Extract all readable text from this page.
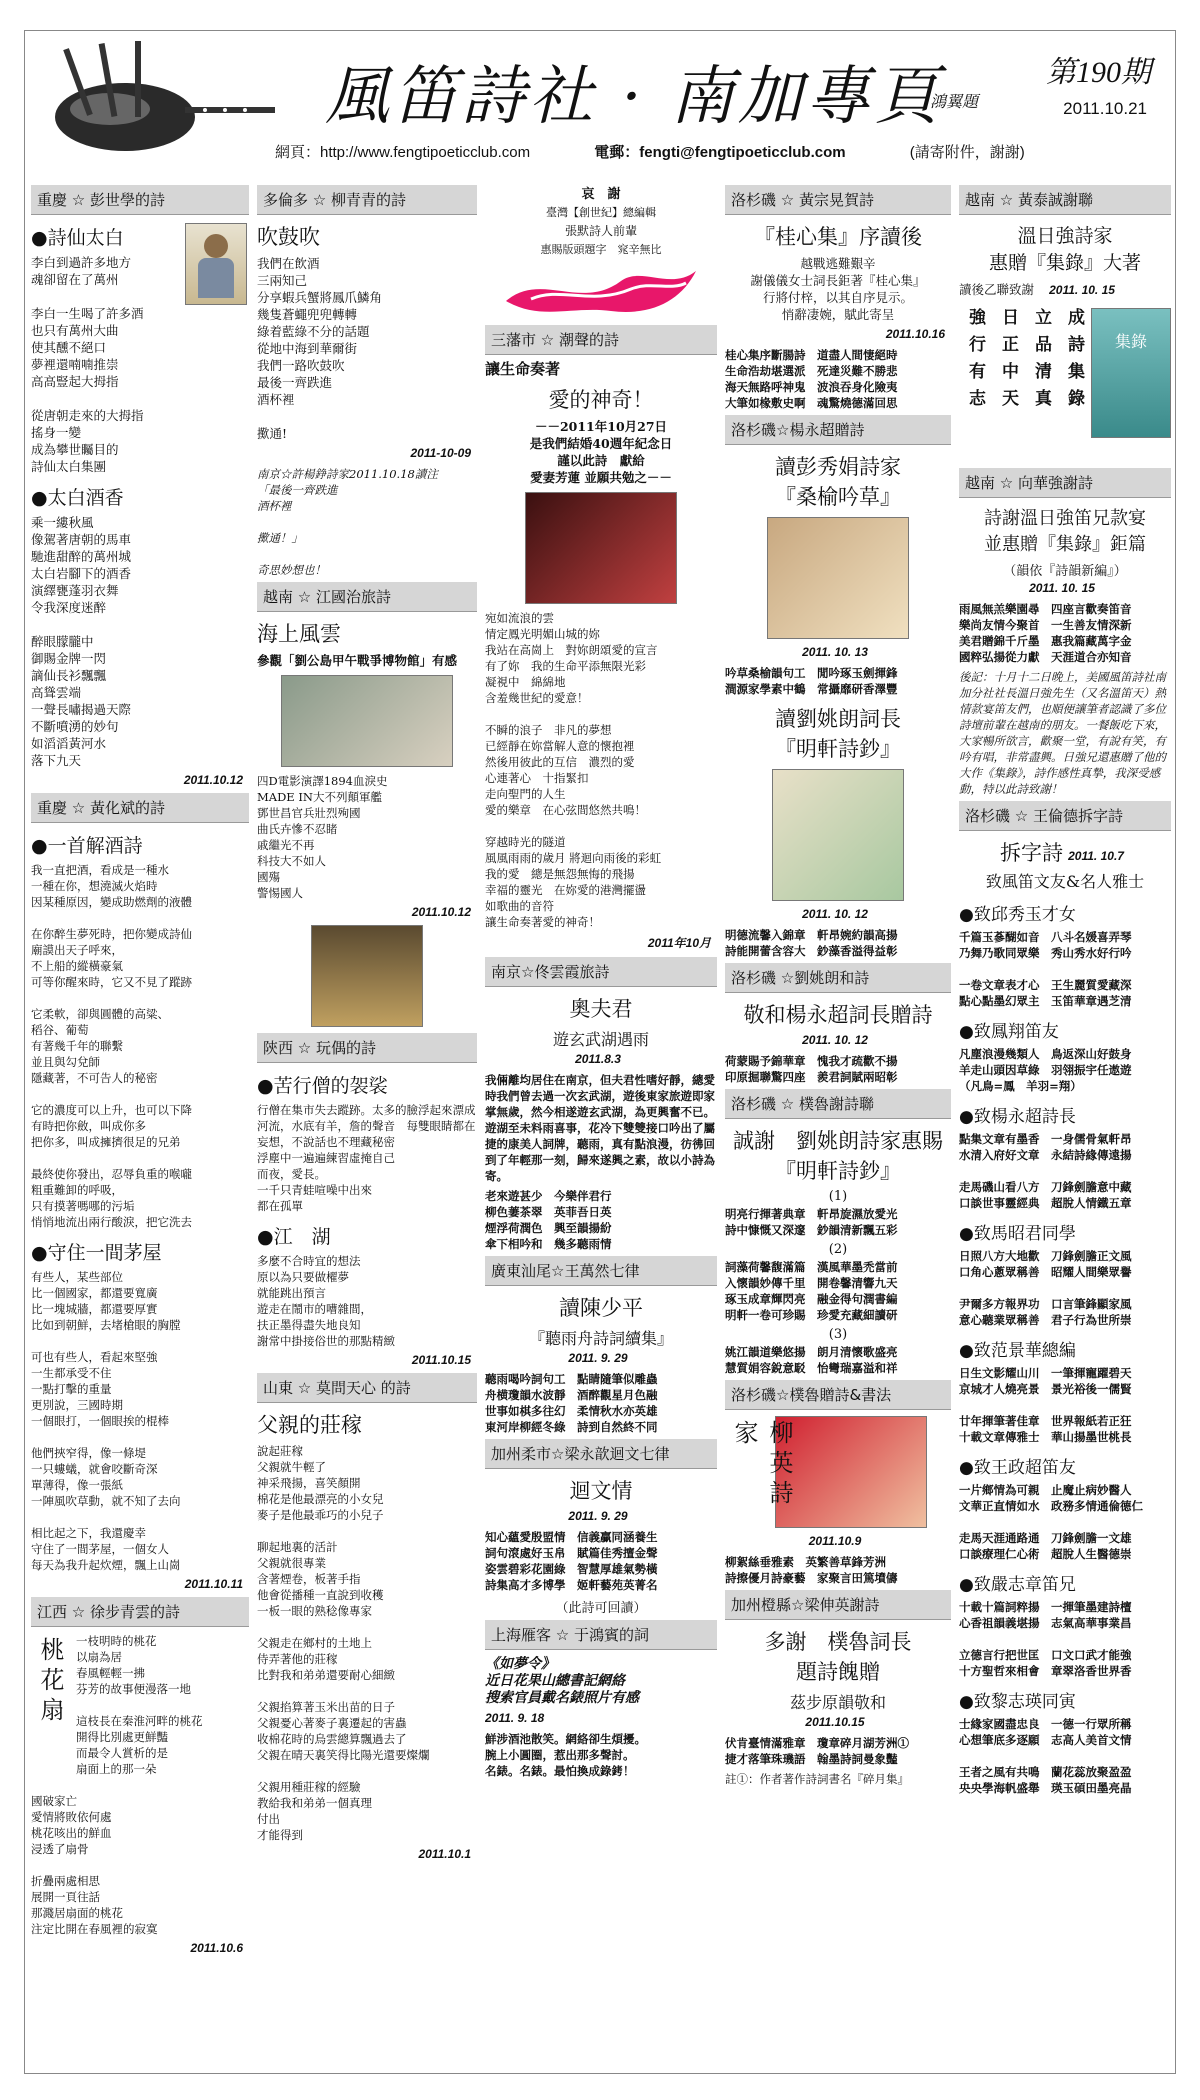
風笛詩社 · 南加專頁
鴻翼題
第190期
2011.10.21
網頁：http://www.fengtipoeticclub.com	電郵：fengti@fengtipoeticclub.com	(請寄附件，謝謝)
重慶 ☆ 彭世學的詩
●詩仙太白
李白到過許多地方
魂卻留在了萬州

李白一生喝了許多酒
也只有萬州大曲
使其醺不絕口
夢裡還喃喃推崇
高高豎起大拇指

從唐朝走來的大拇指
搖身一變
成為攀世矚目的
詩仙太白集團
●太白酒香
乘一縷秋風
像駕著唐朝的馬車
馳進甜醉的萬州城
太白岩腳下的酒香
演繹甕蓬羽衣舞
令我深度迷醉

醉眼朦朧中
御賜金牌一閃
謫仙長衫飄飄
高聳雲端
一聲長嘯揭過天際
不斷噴湧的妙句
如滔滔黃河水
落下九天
2011.10.12
重慶 ☆ 黃化斌的詩
●一首解酒詩
我一直把酒，看成是一種水
一種在你，想澆滅火焰時
因某種原因，變成助燃劑的液體

在你醉生夢死時，把你變成詩仙
廟謨出天子呼來，
不上船的縱橫豪氣
可等你醒來時，它又不見了蹤跡

它柔軟，卻與圓體的高粱、
稻谷、葡萄
有著幾千年的聯繫
並且與勾兌師
隱藏著，不可告人的秘密

它的濃度可以上升，也可以下降
有時把你斂，叫成你多
把你多，叫成擁擠很足的兄弟

最終使你發出，忍辱負重的喉嚨
粗重難卸的呼吸，
只有摸著嗎哪的污垢
悄悄地流出兩行酸淚，把它洗去
●守住一間茅屋
有些人，某些部位
比一個國家，都還要寬廣
比一塊城牆，都還要厚實
比如到朝鮮，去堵槍眼的胸膛

可也有些人，看起來堅強
一生都承受不住
一點打擊的重量
更別說，三國時期
一個眼打，一個眼挨的棍棒

他們挾窄得，像一條堤
一只螻蟻，就會咬斷奇深
單薄得，像一張紙
一陣風吹草動，就不知了去向

相比起之下，我還慶幸
守住了一間茅屋，一個女人
每天為我升起炊煙，飄上山崗
2011.10.11
江西 ☆ 徐步青雲的詩
桃花扇	一枝明時的桃花
以扇為居
春風輕輕一拂
芬芳的故事便漫落一地

這枝長在秦淮河畔的桃花
開得比別處更鮮豔
而最令人賞析的是
扇面上的那一朵

國破家亡
愛情將敗依何處
桃花咳出的鮮血
浸透了扇骨

折疊兩處相思
展開一頁往話
那濺居扇面的桃花
注定比開在春風裡的寂寞
2011.10.6
多倫多 ☆ 柳青青的詩
吹鼓吹
我們在飲酒
三兩知己
分享蝦兵蟹將鳳爪鱗角
幾隻蒼蠅兜兜轉轉
綠着藍綠不分的話題
從地中海到華爾街
我們一路吹鼓吹
最後一齊跌進
酒杯裡

擹通!
2011-10-09
南京☆許楊錚詩家2011.10.18讀注
「最後一齊跌進
酒杯裡

擹通！」

奇思妙想也！
越南 ☆ 江國治旅詩
海上風雲
參觀「劉公島甲午戰爭博物館」有感
四D電影演譯1894血淚史
MADE IN大不列顛軍艦
鄧世昌官兵壯烈殉國
曲氏卉慘不忍睹
戚繼光不再
科技大不如人
國殤
警惕國人
2011.10.12
陝西 ☆ 玩偶的詩
●苦行僧的袈裟
行僧在集市失去蹤跡。太多的臉浮起來漂成河流，水底有羊，詹的聲音　每雙眼睛都在妄想，不說話也不理藏秘密
浮塵中一遍遍練習虛掩自己
而夜，愛長。
一千只青蛙喧噪中出來
都在孤單
●江　湖
多麼不合時宜的想法
原以為只要做櫂夢
就能跳出預言
遊走在鬧市的嘈雜間，
扶正墨得盡失地良知
謝常中掛接俗世的那點精緻
2011.10.15
山東 ☆ 莫問天心 的詩
父親的莊稼
說起莊稼
父親就牛輕了
神采飛揚，喜笑顏開
棉花是他最漂亮的小女兒
麥子是他最乖巧的小兒子

聊起地裏的活計
父親就很專業
含著煙卷，板著手指
他會從播種一直說到收穫
一板一眼的熟稔像專家

父親走在鄉村的土地上
侍弄著他的莊稼
比對我和弟弟還要耐心細緻

父親掐算著玉米出苗的日子
父親憂心著麥子裏遷起的害蟲
收棉花時的烏雲總算飄過去了
父親在晴天裏笑得比陽光還要燦爛

父親用種莊稼的經驗
教給我和弟弟一個真理
付出
才能得到
2011.10.1
哀　謝
臺灣【創世紀】總編輯
張默詩人前輩
惠賜版頭題字　窕辛無比
三藩市 ☆ 潮聲的詩
讓生命奏著
愛的神奇！
－－2011年10月27日
是我們結婚40週年紀念日
謹以此詩　獻給
愛妻芳蓮 並願共勉之－－
宛如流浪的雲
情定鳳光明媚山城的妳
我站在高崗上　對妳朗頌愛的宣言
有了妳　我的生命平添無限光彩
凝視中　綿綿地
含羞幾世紀的愛意！

不瞬的浪子　非凡的夢想
已經靜在妳當解人意的懷抱裡
然後用彼此的互信　濃烈的愛
心連著心　十指緊扣
走向聖門的人生
愛的樂章　在心弦間悠然共鳴！

穿越時光的隧道
風風雨雨的歲月 將迴向雨後的彩虹
我的愛　總是無怨無悔的飛揚
幸福的靈光　在妳愛的港灣擺盪
如歌曲的音符
讓生命奏著愛的神奇！
2011年10月
南京☆佟雲霞旅詩
奧夫君
遊玄武湖遇雨
2011.8.3
我倆離均居住在南京，但夫君性嗜好靜，總愛時我們曾去過一次玄武湖，遊後東家旅遊即家掌無歲，然今相遂遊玄武湖，為更興奮不已。遊湖至未料雨喜事，花冷下雙雙接口吟出了屬捷的康美人詞牌，聽雨，真有點浪漫，彷彿回到了年輕那一刻，歸來遂興之素，故以小詩為寄。
老來遊甚少　今樂伴君行
柳色萋茶翠　英菲吾日英
煙浮荷潤色　興至韻揚紛
傘下相吟和　幾多聽雨情
廣東汕尾☆王萬然七律
讀陳少平
『聽雨舟詩詞續集』
2011. 9. 29
聽雨喝吟詞句工　點睛隨筆似雕蟲
舟横瓊韻水波靜　酒醉觀星月色融
世事如棋多往幻　柔情秋水亦英雄
東河岸柳經冬綠　詩到自然終不同
加州柔市☆梁永歆迴文七律
迴文情
2011. 9. 29
知心蘊愛殷盟情　信義贏同涵養生
詞句滾處好玉帛　賦篇佳秀擅金聲
姿雲碧彩花園綠　智慧厚雄氣勢橫
詩集高才多博學　姬軒藝苑英菁名
（此詩可回讀）
上海雁客 ☆ 于鴻賓的詞
《如夢令》
近日花果山總書記網絡
搜索官員戴名錶照片有感
2011. 9. 18
鮮涉酒池散笑。網絡卻生煩擾。
腕上小圓圈，惹出那多聲討。
名錶。名錶。最怕換成錄銬！
洛杉磯 ☆ 黃宗晃賀詩
『桂心集』序讀後
越戰逃難艱辛
謝儀儀女士詞長鉅著『桂心集』
行將付梓，以其自序見示。
悄辭凄婉，賦此寄呈
2011.10.16
桂心集序斷腸詩　道盡人間悽絕時
生命浩劫堪選派　死達災難不勝悲
海天無路呼神鬼　波浪吞身化險夷
大筆如椽敷史啊　魂驚燒德滿回思
洛杉磯☆楊永超贈詩
讀彭秀娟詩家
『桑榆吟草』
2011. 10. 13
吟草桑榆韻句工　閒吟琢玉劍揮鋒
澗源家學素中鶴　常攝靡研香澤豐
讀劉姚朗詞長
『明軒詩鈔』
2011. 10. 12
明德流馨入錦章　軒昂婉約韻高揚
詩能開蕾含容大　鈔藻香溢得益彰
洛杉磯 ☆劉姚朗和詩
敬和楊永超詞長贈詩
2011. 10. 12
荷蒙賜予錦華章　愧我才疏歡不揚
印原掘聯驚四座　羨君詞賦兩昭彰
洛杉磯 ☆ 樸魯謝詩聯
誠謝　劉姚朗詩家惠賜
『明軒詩鈔』
(1)
明亮行揮著典章　軒昂旋濕放愛光
詩中慷慨又深邃　鈔韻清新飄五彩
(2)
詞藻荷馨馥滿篇　漢風華墨禿當前
入懷韻妙傳千里　開卷馨清響九天
琢玉成章輝閃亮　融金得句潤書編
明軒一卷可珍賜　珍愛充藏細讀研
(3)
姚江韻道樂悠揚　朗月清懷歌盛亮
慧質娟容銳意駁　怡彎瑞嘉溢和祥
洛杉磯☆樸魯贈詩&書法
柳英詩家
2011.10.9
柳絮絲垂雅素　英繁善草鋒芳洲
詩擦優月詩豪藝　家聚言田篤墳儔
加州橙縣☆梁伸英謝詩
多謝　樸魯詞長
題詩餽贈
茲步原韻敬和
2011.10.15
伏肯臺情滿雅章　瓊章碎月湖芳洲①
捷才落筆珠璣語　翰墨詩詞曼象豔
註①：作者著作詩詞書名『碎月集』
越南 ☆ 黃泰誠謝聯
溫日強詩家
惠贈『集錄』大著
讀後乙聯致謝 2011. 10. 15
強行有志 日正中天 立品清真 成詩集錄	集錄
越南 ☆ 向華強謝詩
詩謝溫日強笛兄款宴
並惠贈『集錄』鉅篇
（韻依『詩韻新編』）
2011. 10. 15
雨風無羔樂園尋　四座言歡奏笛音
樂尚友情今聚首　一生善友情深新
美君贈錦千斤墨　惠我篇藏萬字金
國粹弘揚從力獻　天涯道合亦知音
後記：十月十二日晚上，美國風笛詩社南加分社社長溫日強先生（又名溫笛天）熱情款宴笛友們，也順便讓筆者認識了多位詩壇前輩在越南的朋友。一餐飯吃下來，大家暢所欲言，歡聚一堂，有說有笑，有吟有唱，非常盡興。日強兄還惠贈了他的大作《集錄》，詩作感性真摯，我深受感動，特以此詩致謝！
洛杉磯 ☆ 王倫德拆字詩
拆字詩 2011. 10.7
致風笛文友&名人雅士
●致邱秀玉才女
千篇玉蔘醐如音　八斗名媛喜弄琴
乃舞乃歌同眾樂　秀山秀水好行吟

一卷文章表才心　王生麗質愛藏深
點心點墨幻眾主　玉笛華章遇芝清
●致鳳翔笛友
凡塵浪漫幾類人　鳥返深山好鼓身
羊走山頭因草綠　羽翎振宇任遨遊
（凡鳥=鳳　羊羽=翔）
●致楊永超詩長
點集文章有墨香　一身儒骨氣軒昂
水清入府好文章　永結詩緣傳遠揚

走馬磯山看八方　刀鋒劍膽意中藏
口談世事靈經典　超脫人情鐵五章
●致馬昭君同學
日照八方大地歡　刀鋒劍膽正文風
口角心蔥眾稱善　昭耀人間樂眾譽

尹爾多方報界功　口言筆鋒顯家風
意心聽業眾稱善　君子行為世所崇
●致范景華總編
日生文影耀山川　一筆揮寵躍碧天
京城才人燒亮景　景光裕後一儒賢

廿年揮筆著佳章　世界報紙若正狂
十載文章傳雅士　華山揚墨世桃長
●致王政超笛友
一片鄉情為可親　止魔止病妙醫人
文華正直情如水　政務多情通倫德仁

走馬天涯通路通　刀鋒劍膽一文雄
口談療理仁心術　超脫人生醫德崇
●致嚴志章笛兄
十載十篇詞粹揚　一揮筆墨建詩檀
心香祖韻義堪揚　志氣高華事業昌

立德言行把世匡　口文口武才能強
十方聖哲來相會　章翠洛香世界香
●致黎志瑛同寅
士緣家國盡忠良　一德一行眾所稱
心想筆底多逐願　志高人美首文情

王者之風有共鳴　蘭花蕊放聚盈盈
央央學海帆盛舉　瑛玉碩田墨亮晶
